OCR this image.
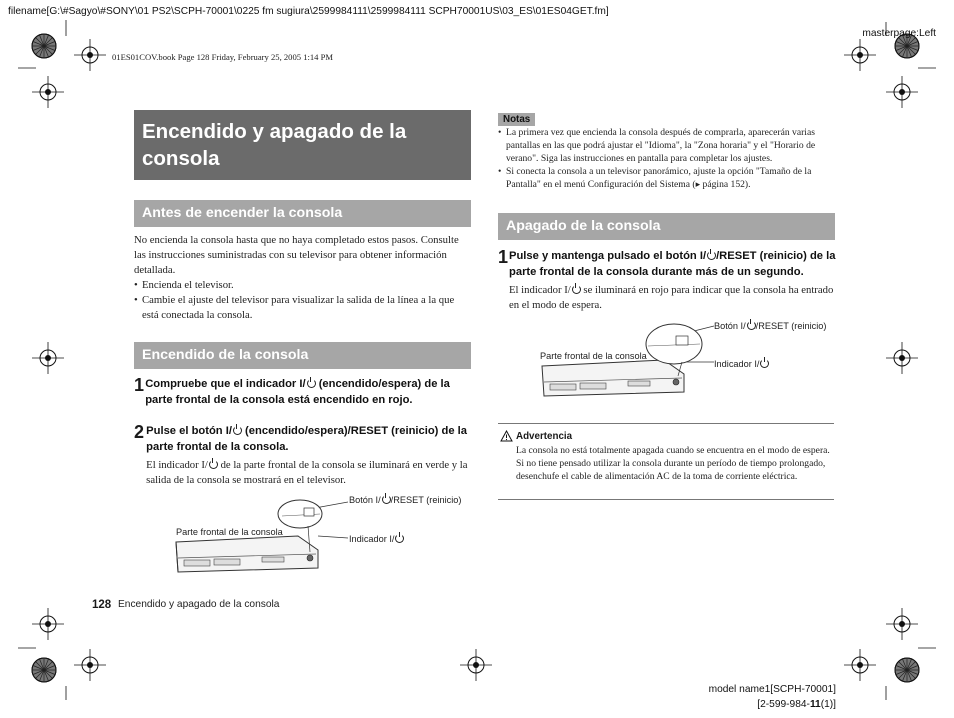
filename[G:\#Sagyo\#SONY\01 PS2\SCPH-70001\0225 fm sugiura\2599984111\2599984111 SCPH70001US\03_ES\01ES04GET.fm]
masterpage:Left
01ES01COV.book Page 128 Friday, February 25, 2005 1:14 PM
Encendido y apagado de la consola
Antes de encender la consola

No encienda la consola hasta que no haya completado estos pasos. Consulte las instrucciones suministradas con su televisor para obtener información detallada.

• Encienda el televisor.
• Cambie el ajuste del televisor para visualizar la salida de la línea a la que está conectada la consola.
Encendido de la consola
1 Compruebe que el indicador I/ (encendido/espera) de la parte frontal de la consola está encendido en rojo.
2 Pulse el botón I/ (encendido/espera)/RESET (reinicio) de la parte frontal de la consola.

El indicador I/ de la parte frontal de la consola se iluminará en verde y la salida de la consola se mostrará en el televisor.

Botón I/ /RESET (reinicio)
Parte frontal de la consola
Indicador I/
Notas
• La primera vez que encienda la consola después de comprarla, aparecerán varias pantallas en las que podrá ajustar el "Idioma", la "Zona horaria" y el "Horario de verano". Siga las instrucciones en pantalla para completar los ajustes.
• Si conecta la consola a un televisor panorámico, ajuste la opción "Tamaño de la Pantalla" en el menú Configuración del Sistema (▸ página 152).
Apagado de la consola
1 Pulse y mantenga pulsado el botón I/ /RESET (reinicio) de la parte frontal de la consola durante más de un segundo.

El indicador I/ se iluminará en rojo para indicar que la consola ha entrado en el modo de espera.

Botón I/ /RESET (reinicio)
Parte frontal de la consola
Indicador I/
Advertencia

La consola no está totalmente apagada cuando se encuentra en el modo de espera. Si no tiene pensado utilizar la consola durante un período de tiempo prolongado, desenchufe el cable de alimentación AC de la toma de corriente eléctrica.

128 Encendido y apagado de la consola
model name1[SCPH-70001]
[2-599-984-11(1)]
